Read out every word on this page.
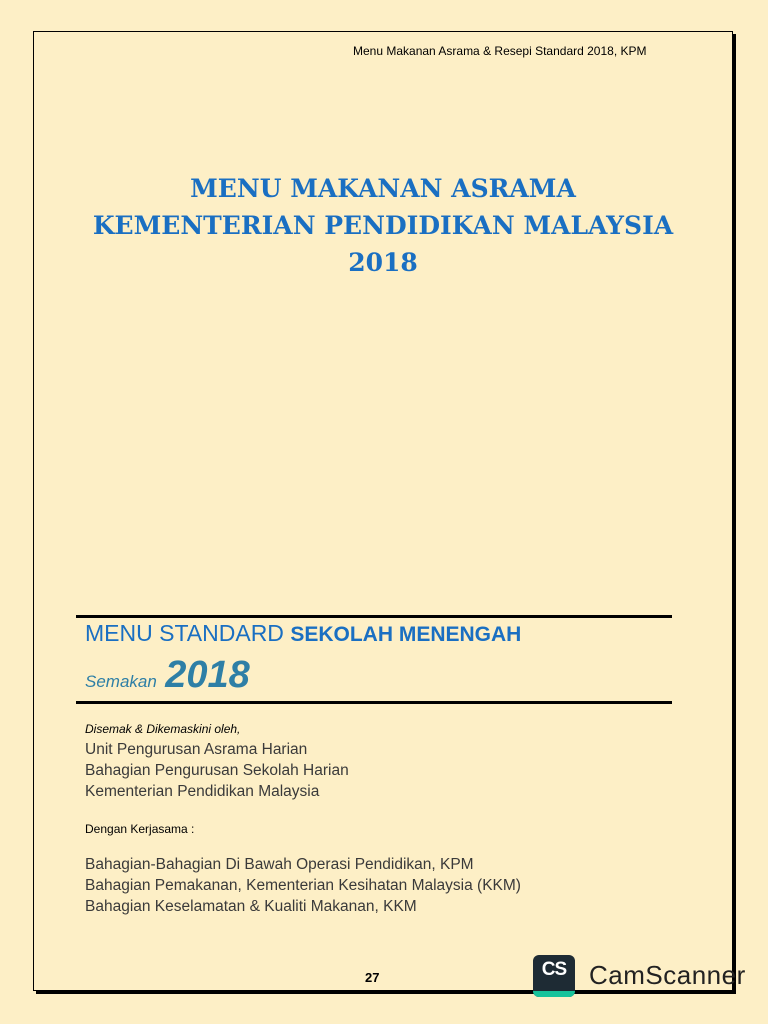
Menu Makanan Asrama & Resepi Standard 2018, KPM
MENU MAKANAN ASRAMA
KEMENTERIAN PENDIDIKAN MALAYSIA
2018
MENU STANDARD SEKOLAH MENENGAH
Semakan 2018
Disemak & Dikemaskini oleh,
Unit Pengurusan Asrama Harian
Bahagian Pengurusan Sekolah Harian
Kementerian Pendidikan Malaysia
Dengan Kerjasama :
Bahagian-Bahagian Di Bawah Operasi Pendidikan, KPM
Bahagian Pemakanan, Kementerian Kesihatan Malaysia (KKM)
Bahagian Keselamatan & Kualiti Makanan, KKM
27	CS CamScanner
